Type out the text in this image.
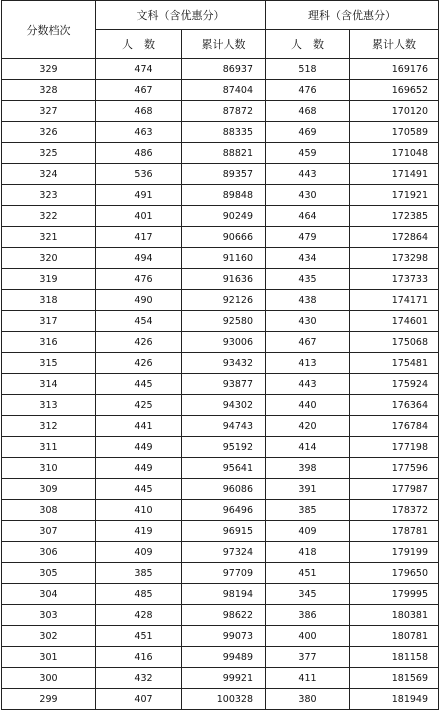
分数档次	文科（含优惠分）		理科（含优惠分）	
	人　数	累计人数	人　数	累计人数
329	474	86937	518	169176
328	467	87404	476	169652
327	468	87872	468	170120
326	463	88335	469	170589
325	486	88821	459	171048
324	536	89357	443	171491
323	491	89848	430	171921
322	401	90249	464	172385
321	417	90666	479	172864
320	494	91160	434	173298
319	476	91636	435	173733
318	490	92126	438	174171
317	454	92580	430	174601
316	426	93006	467	175068
315	426	93432	413	175481
314	445	93877	443	175924
313	425	94302	440	176364
312	441	94743	420	176784
311	449	95192	414	177198
310	449	95641	398	177596
309	445	96086	391	177987
308	410	96496	385	178372
307	419	96915	409	178781
306	409	97324	418	179199
305	385	97709	451	179650
304	485	98194	345	179995
303	428	98622	386	180381
302	451	99073	400	180781
301	416	99489	377	181158
300	432	99921	411	181569
299	407	100328	380	181949
